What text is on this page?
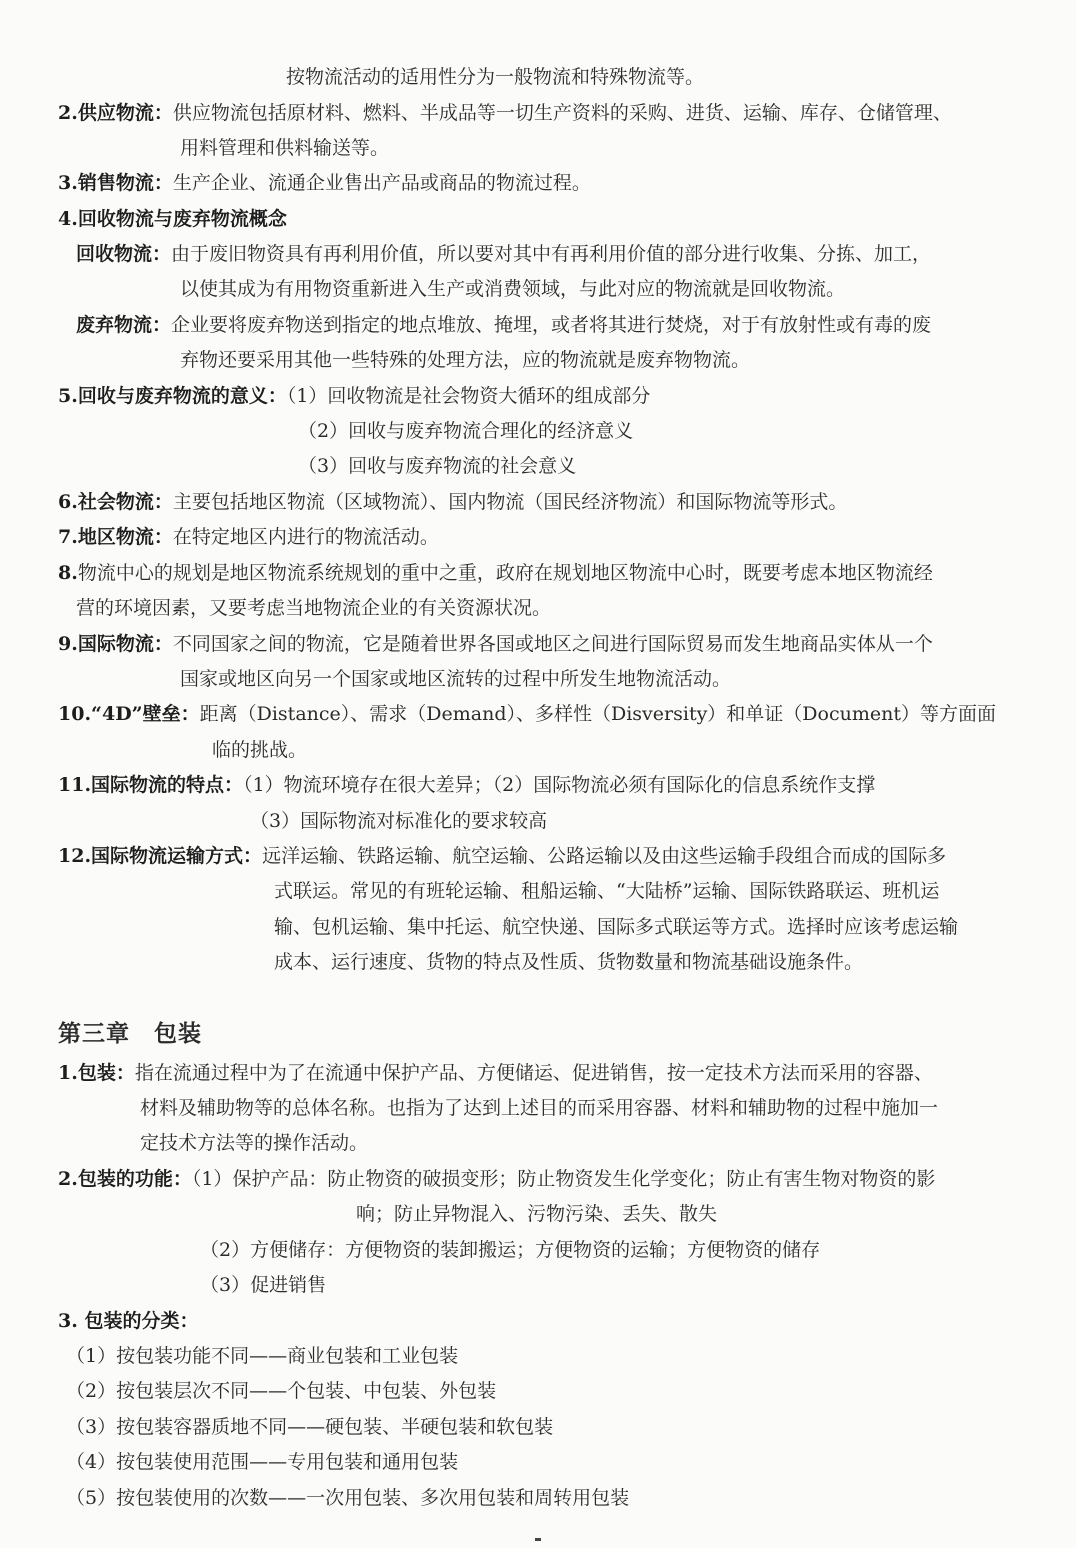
按物流活动的适用性分为一般物流和特殊物流等。
2.供应物流：供应物流包括原材料、燃料、半成品等一切生产资料的采购、进货、运输、库存、仓储管理、
用料管理和供料输送等。
3.销售物流：生产企业、流通企业售出产品或商品的物流过程。
4.回收物流与废弃物流概念
回收物流：由于废旧物资具有再利用价值，所以要对其中有再利用价值的部分进行收集、分拣、加工，
以使其成为有用物资重新进入生产或消费领域，与此对应的物流就是回收物流。
废弃物流：企业要将废弃物送到指定的地点堆放、掩埋，或者将其进行焚烧，对于有放射性或有毒的废
弃物还要采用其他一些特殊的处理方法，应的物流就是废弃物物流。
5.回收与废弃物流的意义：（1）回收物流是社会物资大循环的组成部分
（2）回收与废弃物流合理化的经济意义
（3）回收与废弃物流的社会意义
6.社会物流：主要包括地区物流（区域物流）、国内物流（国民经济物流）和国际物流等形式。
7.地区物流：在特定地区内进行的物流活动。
8.物流中心的规划是地区物流系统规划的重中之重，政府在规划地区物流中心时，既要考虑本地区物流经
营的环境因素，又要考虑当地物流企业的有关资源状况。
9.国际物流：不同国家之间的物流，它是随着世界各国或地区之间进行国际贸易而发生地商品实体从一个
国家或地区向另一个国家或地区流转的过程中所发生地物流活动。
10.“4D”壁垒：距离（Distance）、需求（Demand）、多样性（Disversity）和单证（Document）等方面面
临的挑战。
11.国际物流的特点：（1）物流环境存在很大差异；（2）国际物流必须有国际化的信息系统作支撑
（3）国际物流对标准化的要求较高
12.国际物流运输方式：远洋运输、铁路运输、航空运输、公路运输以及由这些运输手段组合而成的国际多
式联运。常见的有班轮运输、租船运输、“大陆桥”运输、国际铁路联运、班机运
输、包机运输、集中托运、航空快递、国际多式联运等方式。选择时应该考虑运输
成本、运行速度、货物的特点及性质、货物数量和物流基础设施条件。
第三章　包装
1.包装：指在流通过程中为了在流通中保护产品、方便储运、促进销售，按一定技术方法而采用的容器、
材料及辅助物等的总体名称。也指为了达到上述目的而采用容器、材料和辅助物的过程中施加一
定技术方法等的操作活动。
2.包装的功能：（1）保护产品：防止物资的破损变形；防止物资发生化学变化；防止有害生物对物资的影
响；防止异物混入、污物污染、丢失、散失
（2）方便储存：方便物资的装卸搬运；方便物资的运输；方便物资的储存
（3）促进销售
3. 包装的分类：
（1）按包装功能不同——商业包装和工业包装
（2）按包装层次不同——个包装、中包装、外包装
（3）按包装容器质地不同——硬包装、半硬包装和软包装
（4）按包装使用范围——专用包装和通用包装
（5）按包装使用的次数——一次用包装、多次用包装和周转用包装
